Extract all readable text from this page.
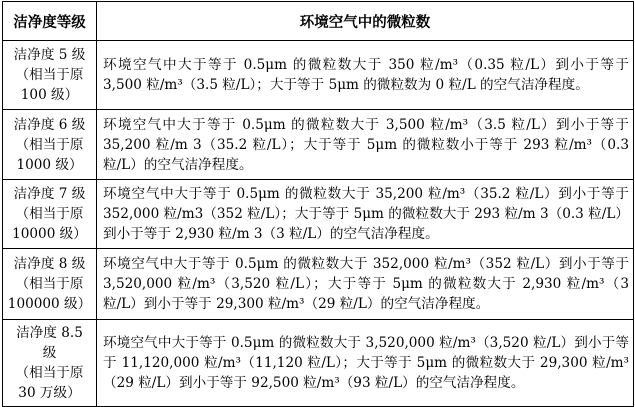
洁净度等级	环境空气中的微粒数

洁净度 5 级
（相当于原
100 级）	环境空气中大于等于 0.5μm 的微粒数大于 350 粒/m³（0.35 粒/L）到小于等于 3,500 粒/m³（3.5 粒/L）；大于等于 5μm 的微粒数为 0 粒/L 的空气洁净程度。

洁净度 6 级
（相当于原
1000 级）	环境空气中大于等于 0.5μm 的微粒数大于 3,500 粒/m³（3.5 粒/L）到小于等于 35,200 粒/m 3（35.2 粒/L）；大于等于 5μm 的微粒数小于等于 293 粒/m³（0.3 粒/L）的空气洁净程度。

洁净度 7 级
（相当于原
10000 级）	环境空气中大于等于 0.5μm 的微粒数大于 35,200 粒/m³（35.2 粒/L）到小于等于 352,000 粒/m3（352 粒/L）；大于等于 5μm 的微粒数大于 293 粒/m 3（0.3 粒/L）到小于等于 2,930 粒/m 3（3 粒/L）的空气洁净程度。

洁净度 8 级
（相当于原
100000 级）	环境空气中大于等于 0.5μm 的微粒数大于 352,000 粒/m³（352 粒/L）到小于等于 3,520,000 粒/m³（3,520 粒/L）；大于等于 5μm 的微粒数大于 2,930 粒/m³（3 粒/L）到小于等于 29,300 粒/m³（29 粒/L）的空气洁净程度。

洁净度 8.5
级
（相当于原
30 万级）	环境空气中大于等于 0.5μm 的微粒数大于 3,520,000 粒/m³（3,520 粒/L）到小于等于 11,120,000 粒/m³（11,120 粒/L）；大于等于 5μm 的微粒数大于 29,300 粒/m³（29 粒/L）到小于等于 92,500 粒/m³（93 粒/L）的空气洁净程度。
